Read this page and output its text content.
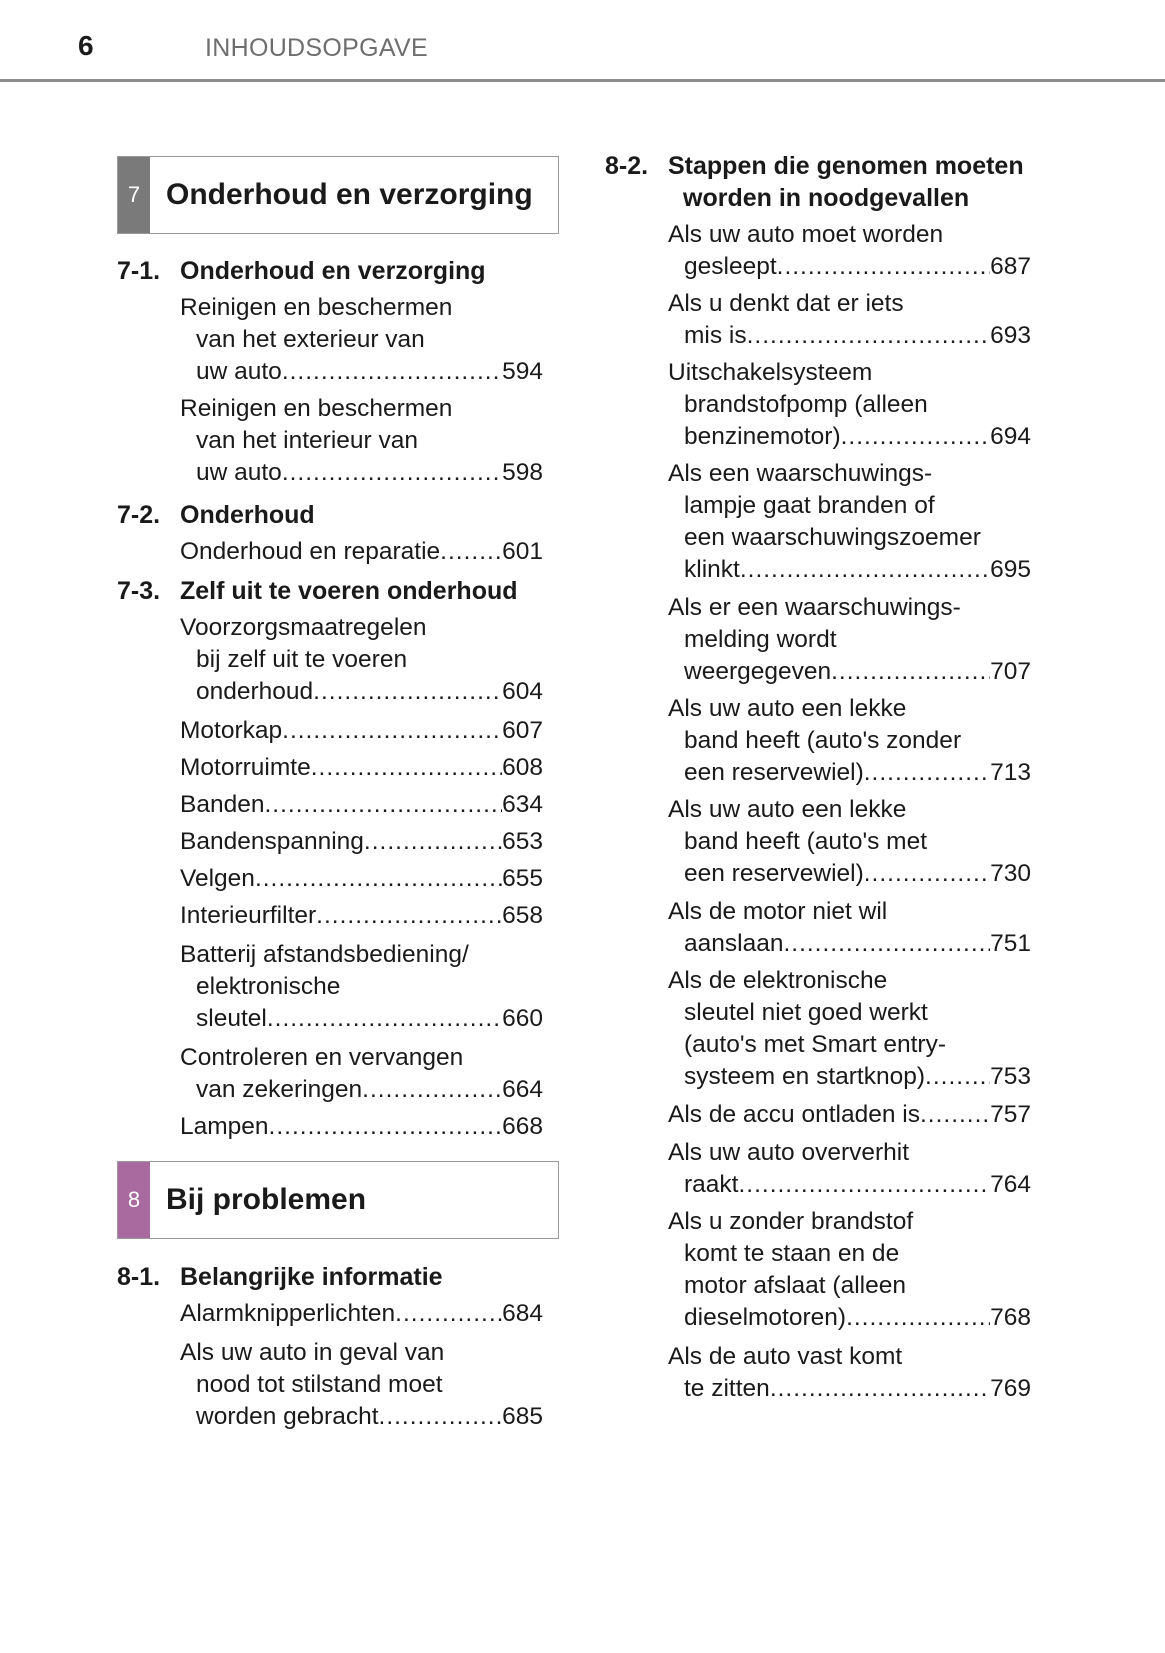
6	INHOUDSOPGAVE
7 Onderhoud en verzorging
7-1. Onderhoud en verzorging
Reinigen en beschermen
van het exterieur van
uw auto .....	594
Reinigen en beschermen
van het interieur van
uw auto .....	598
7-2. Onderhoud
Onderhoud en reparatie .....	601
7-3. Zelf uit te voeren onderhoud
Voorzorgsmaatregelen
bij zelf uit te voeren
onderhoud .....	604
Motorkap .....	607
Motorruimte .....	608
Banden .....	634
Bandenspanning .....	653
Velgen .....	655
Interieurfilter .....	658
Batterij afstandsbediening/
elektronische
sleutel .....	660
Controleren en vervangen
van zekeringen .....	664
Lampen .....	668
8 Bij problemen
8-1. Belangrijke informatie
Alarmknipperlichten .....	684
Als uw auto in geval van
nood tot stilstand moet
worden gebracht .....	685
8-2. Stappen die genomen moeten
worden in noodgevallen
Als uw auto moet worden
gesleept .....	687
Als u denkt dat er iets
mis is .....	693
Uitschakelsysteem
brandstofpomp (alleen
benzinemotor) .....	694
Als een waarschuwings-
lampje gaat branden of
een waarschuwingszoemer
klinkt .....	695
Als er een waarschuwings-
melding wordt
weergegeven .....	707
Als uw auto een lekke
band heeft (auto's zonder
een reservewiel) .....	713
Als uw auto een lekke
band heeft (auto's met
een reservewiel) .....	730
Als de motor niet wil
aanslaan .....	751
Als de elektronische
sleutel niet goed werkt
(auto's met Smart entry-
systeem en startknop) .....	753
Als de accu ontladen is .....	757
Als uw auto oververhit
raakt .....	764
Als u zonder brandstof
komt te staan en de
motor afslaat (alleen
dieselmotoren) .....	768
Als de auto vast komt
te zitten .....	769
